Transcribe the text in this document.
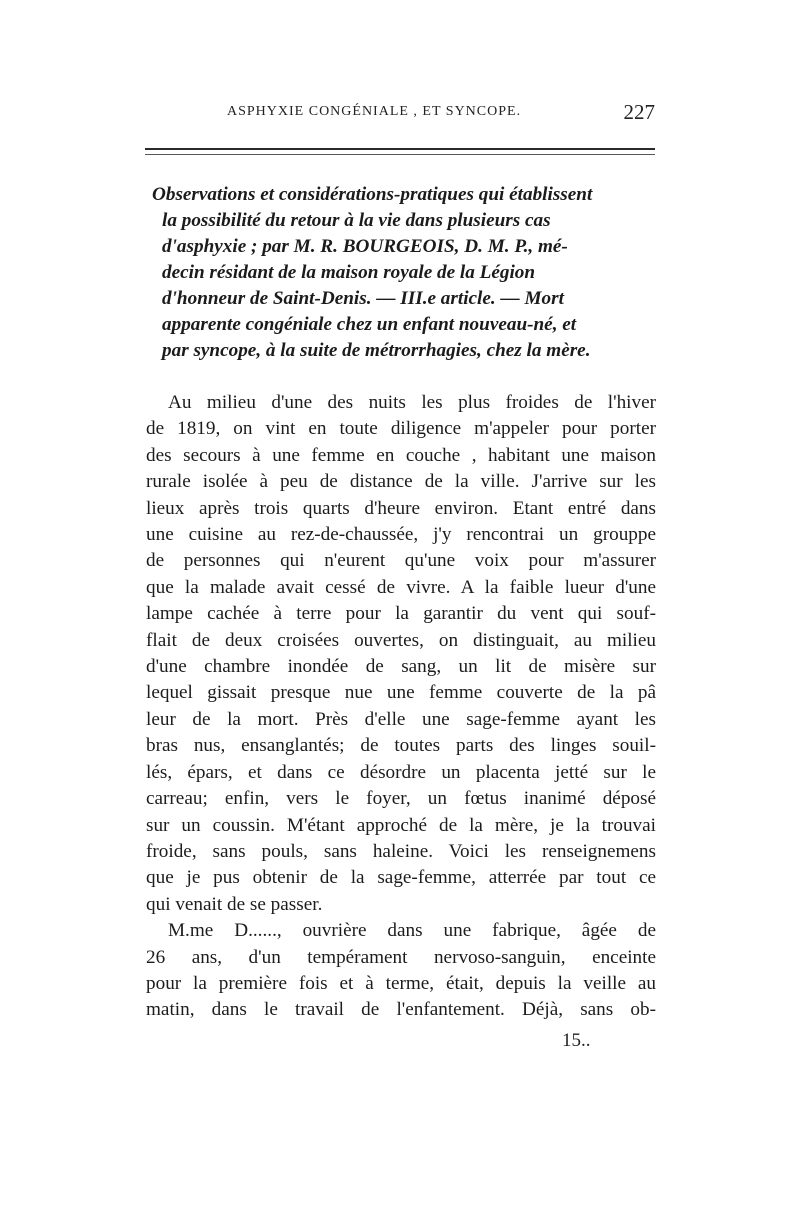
ASPHYXIE CONGÉNIALE , ET SYNCOPE.	227
Observations et considérations-pratiques qui établissent
la possibilité du retour à la vie dans plusieurs cas
d'asphyxie ; par M. R. BOURGEOIS, D. M. P., mé-
decin résidant de la maison royale de la Légion
d'honneur de Saint-Denis. — III.e article. — Mort
apparente congéniale chez un enfant nouveau-né, et
par syncope, à la suite de métrorrhagies, chez la mère.
Au milieu d'une des nuits les plus froides de l'hiver
de 1819, on vint en toute diligence m'appeler pour porter
des secours à une femme en couche , habitant une maison
rurale isolée à peu de distance de la ville. J'arrive sur les
lieux après trois quarts d'heure environ. Etant entré dans
une cuisine au rez-de-chaussée, j'y rencontrai un grouppe
de personnes qui n'eurent qu'une voix pour m'assurer
que la malade avait cessé de vivre. A la faible lueur d'une
lampe cachée à terre pour la garantir du vent qui souf-
flait de deux croisées ouvertes, on distinguait, au milieu
d'une chambre inondée de sang, un lit de misère sur
lequel gissait presque nue une femme couverte de la pâ
leur de la mort. Près d'elle une sage-femme ayant les
bras nus, ensanglantés; de toutes parts des linges souil-
lés, épars, et dans ce désordre un placenta jetté sur le
carreau; enfin, vers le foyer, un fœtus inanimé déposé
sur un coussin. M'étant approché de la mère, je la trouvai
froide, sans pouls, sans haleine. Voici les renseignemens
que je pus obtenir de la sage-femme, atterrée par tout ce
qui venait de se passer.
M.me D......, ouvrière dans une fabrique, âgée de
26 ans, d'un tempérament nervoso-sanguin, enceinte
pour la première fois et à terme, était, depuis la veille au
matin, dans le travail de l'enfantement. Déjà, sans ob-
15..
